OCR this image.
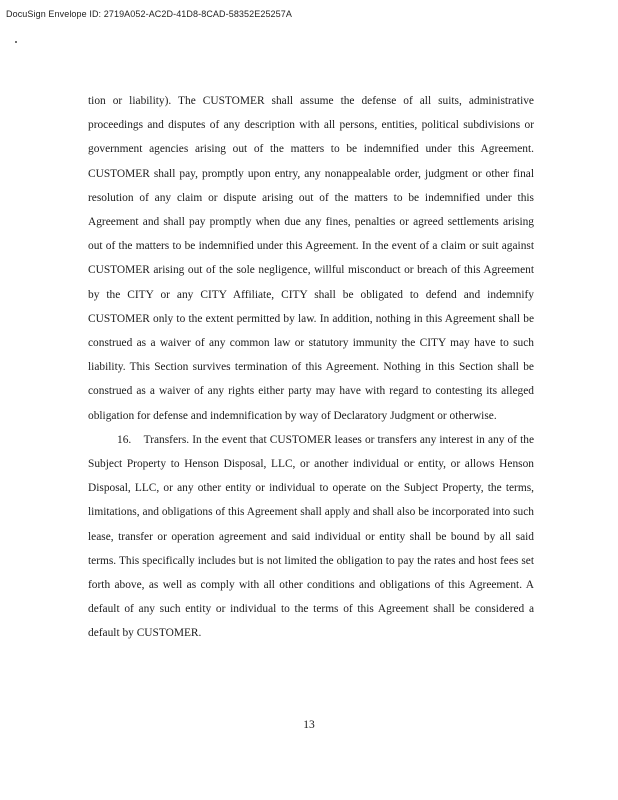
DocuSign Envelope ID: 2719A052-AC2D-41D8-8CAD-58352E25257A

tion or liability). The CUSTOMER shall assume the defense of all suits, administrative proceedings and disputes of any description with all persons, entities, political subdivisions or government agencies arising out of the matters to be indemnified under this Agreement. CUSTOMER shall pay, promptly upon entry, any nonappealable order, judgment or other final resolution of any claim or dispute arising out of the matters to be indemnified under this Agreement and shall pay promptly when due any fines, penalties or agreed settlements arising out of the matters to be indemnified under this Agreement. In the event of a claim or suit against CUSTOMER arising out of the sole negligence, willful misconduct or breach of this Agreement by the CITY or any CITY Affiliate, CITY shall be obligated to defend and indemnify CUSTOMER only to the extent permitted by law. In addition, nothing in this Agreement shall be construed as a waiver of any common law or statutory immunity the CITY may have to such liability. This Section survives termination of this Agreement. Nothing in this Section shall be construed as a waiver of any rights either party may have with regard to contesting its alleged obligation for defense and indemnification by way of Declaratory Judgment or otherwise.

16. Transfers. In the event that CUSTOMER leases or transfers any interest in any of the Subject Property to Henson Disposal, LLC, or another individual or entity, or allows Henson Disposal, LLC, or any other entity or individual to operate on the Subject Property, the terms, limitations, and obligations of this Agreement shall apply and shall also be incorporated into such lease, transfer or operation agreement and said individual or entity shall be bound by all said terms. This specifically includes but is not limited the obligation to pay the rates and host fees set forth above, as well as comply with all other conditions and obligations of this Agreement. A default of any such entity or individual to the terms of this Agreement shall be considered a default by CUSTOMER.

13
